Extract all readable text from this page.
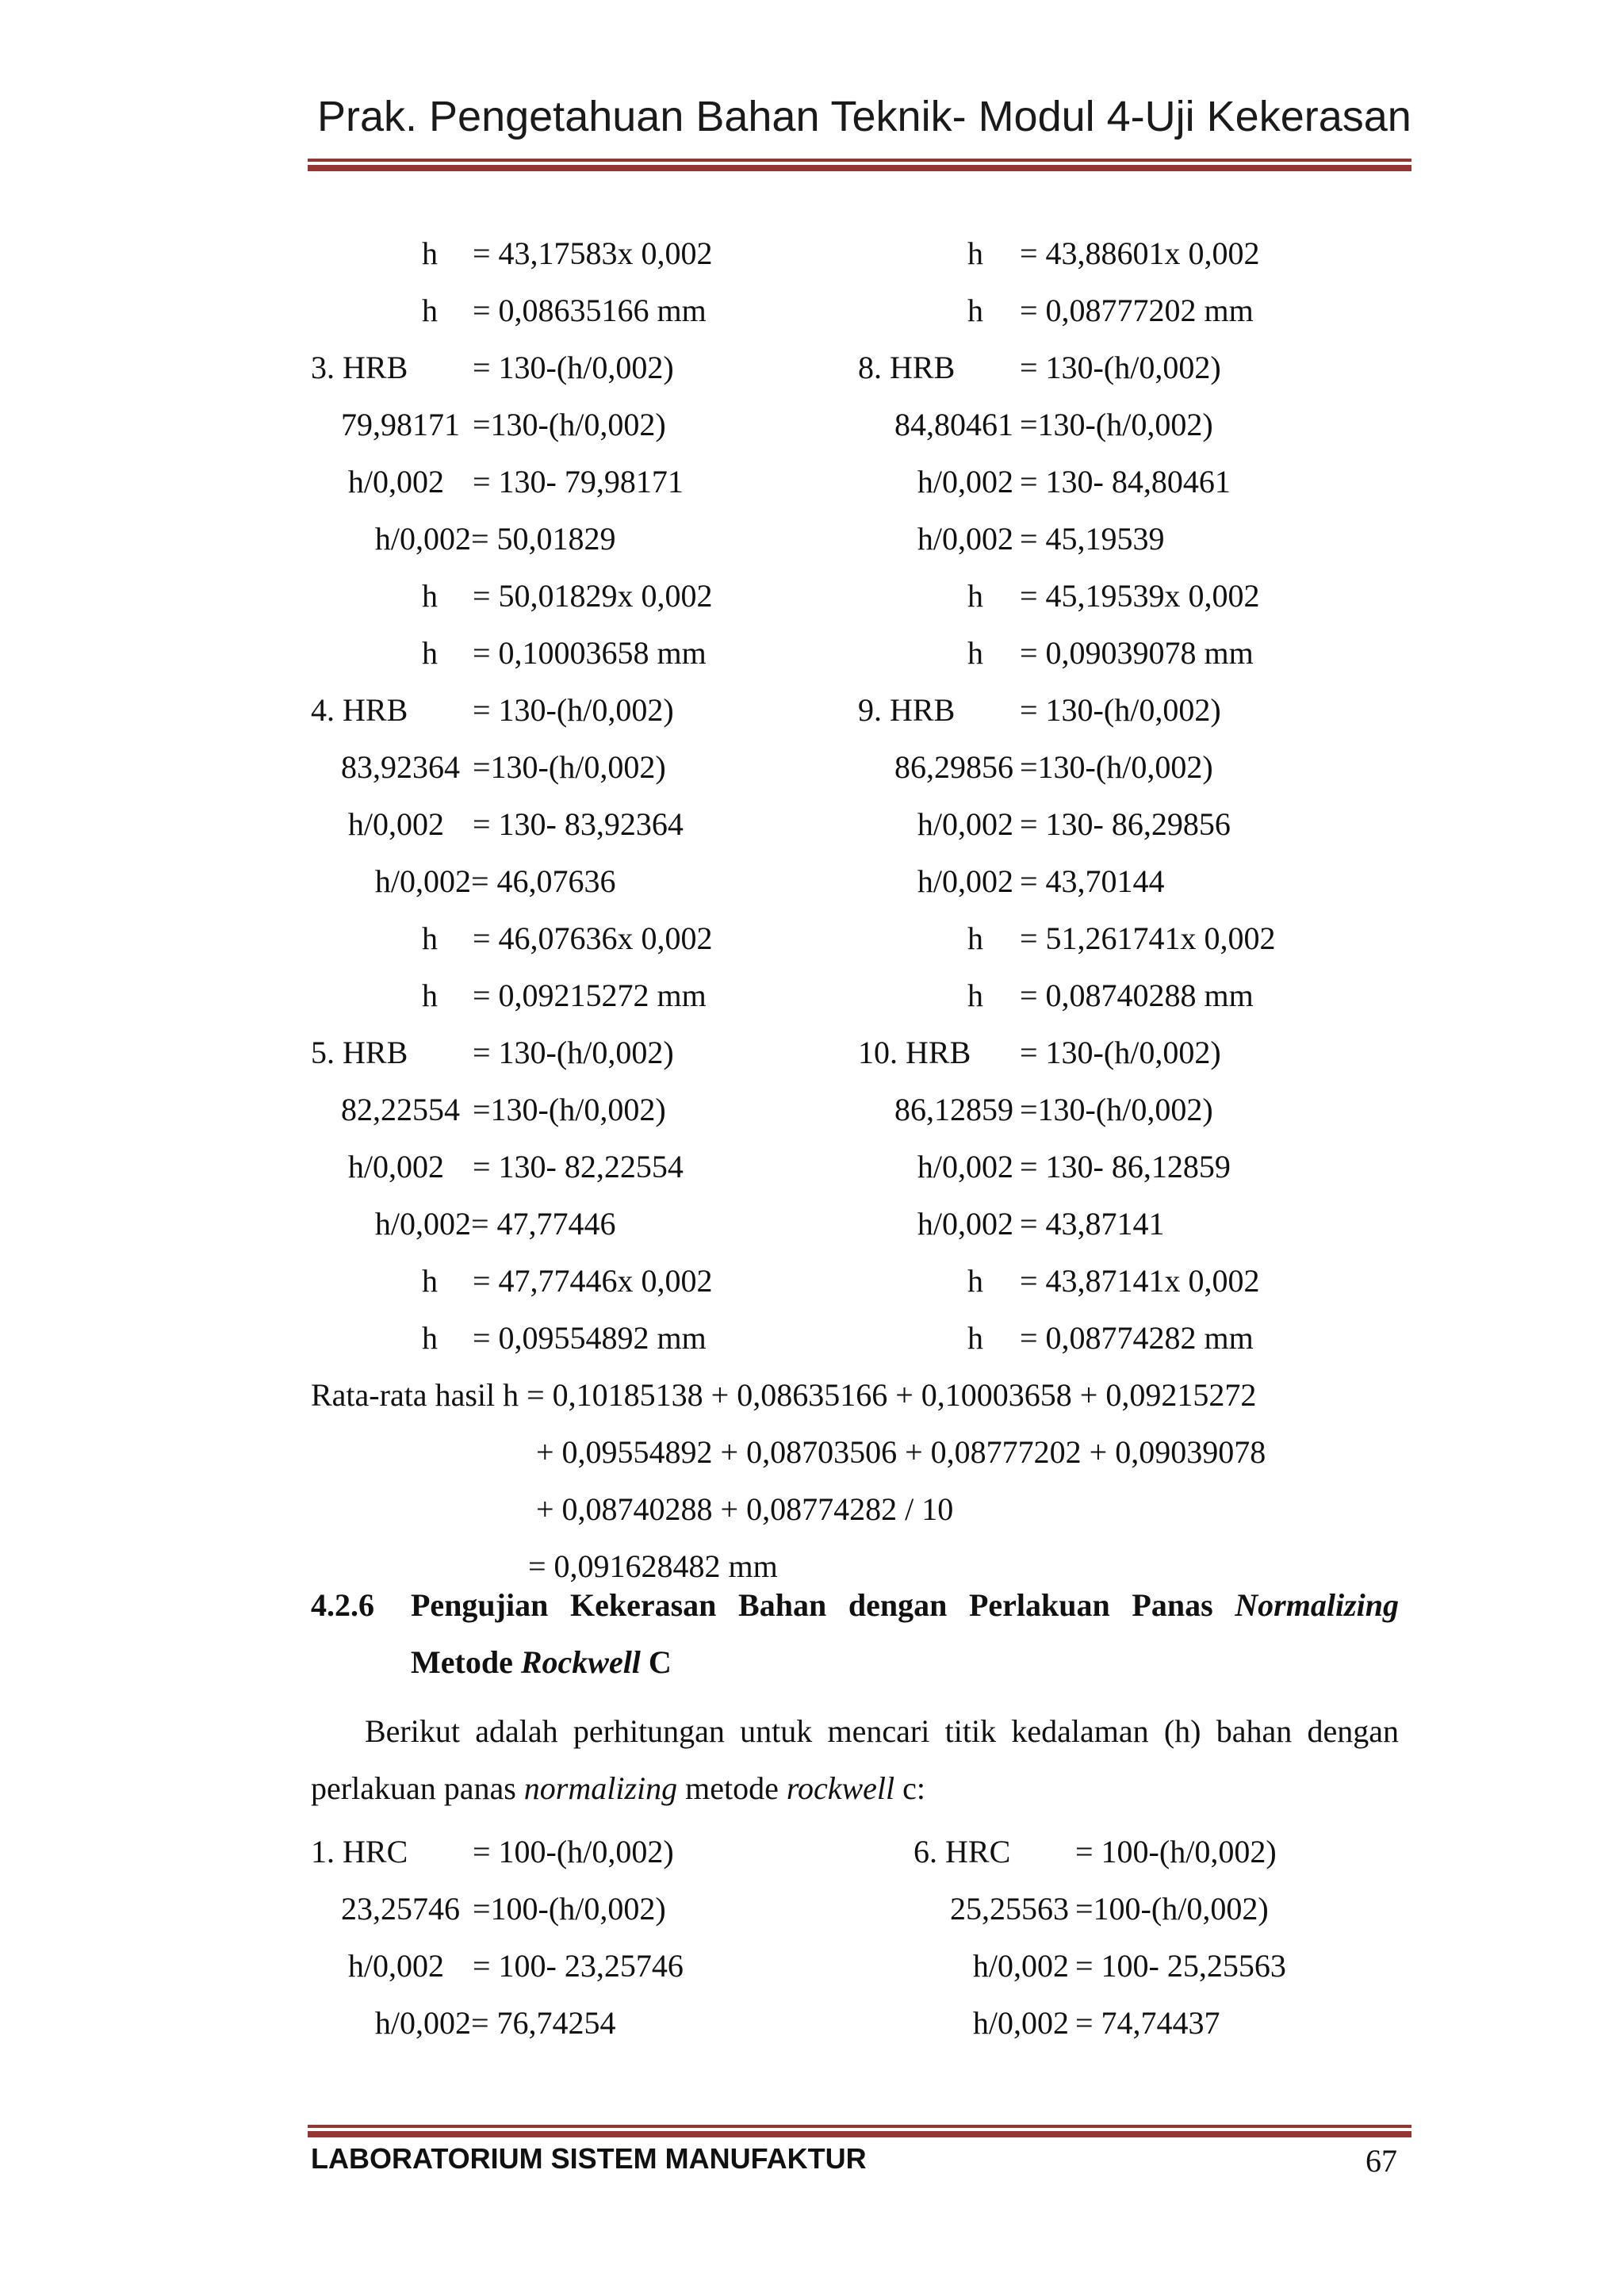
Prak. Pengetahuan Bahan Teknik- Modul 4-Uji Kekerasan
h = 43,17583x 0,002	h = 43,88601x 0,002
h = 0,08635166 mm	h = 0,08777202 mm
3. HRB = 130-(h/0,002)	8. HRB = 130-(h/0,002)
79,98171 =130-(h/0,002)	84,80461 =130-(h/0,002)
h/0,002 = 130- 79,98171	h/0,002 = 130- 84,80461
h/0,002 = 50,01829	h/0,002 = 45,19539
h = 50,01829x 0,002	h = 45,19539x 0,002
h = 0,10003658 mm	h = 0,09039078 mm
4. HRB = 130-(h/0,002)	9. HRB = 130-(h/0,002)
83,92364 =130-(h/0,002)	86,29856 =130-(h/0,002)
h/0,002 = 130- 83,92364	h/0,002 = 130- 86,29856
h/0,002 = 46,07636	h/0,002 = 43,70144
h = 46,07636x 0,002	h = 51,261741x 0,002
h = 0,09215272 mm	h = 0,08740288 mm
5. HRB = 130-(h/0,002)	10. HRB = 130-(h/0,002)
82,22554 =130-(h/0,002)	86,12859 =130-(h/0,002)
h/0,002 = 130- 82,22554	h/0,002 = 130- 86,12859
h/0,002 = 47,77446	h/0,002 = 43,87141
h = 47,77446x 0,002	h = 43,87141x 0,002
h = 0,09554892 mm	h = 0,08774282 mm
Rata-rata hasil h = 0,10185138 + 0,08635166 + 0,10003658 + 0,09215272
+ 0,09554892 + 0,08703506 + 0,08777202 + 0,09039078
+ 0,08740288 + 0,08774282 / 10
= 0,091628482 mm
4.2.6 Pengujian Kekerasan Bahan dengan Perlakuan Panas Normalizing
Metode Rockwell C
Berikut adalah perhitungan untuk mencari titik kedalaman (h) bahan dengan perlakuan panas normalizing metode rockwell c:
1. HRC = 100-(h/0,002)	6. HRC = 100-(h/0,002)
23,25746 =100-(h/0,002)	25,25563 =100-(h/0,002)
h/0,002 = 100- 23,25746	h/0,002 = 100- 25,25563
h/0,002 = 76,74254	h/0,002 = 74,74437
LABORATORIUM SISTEM MANUFAKTUR	67
